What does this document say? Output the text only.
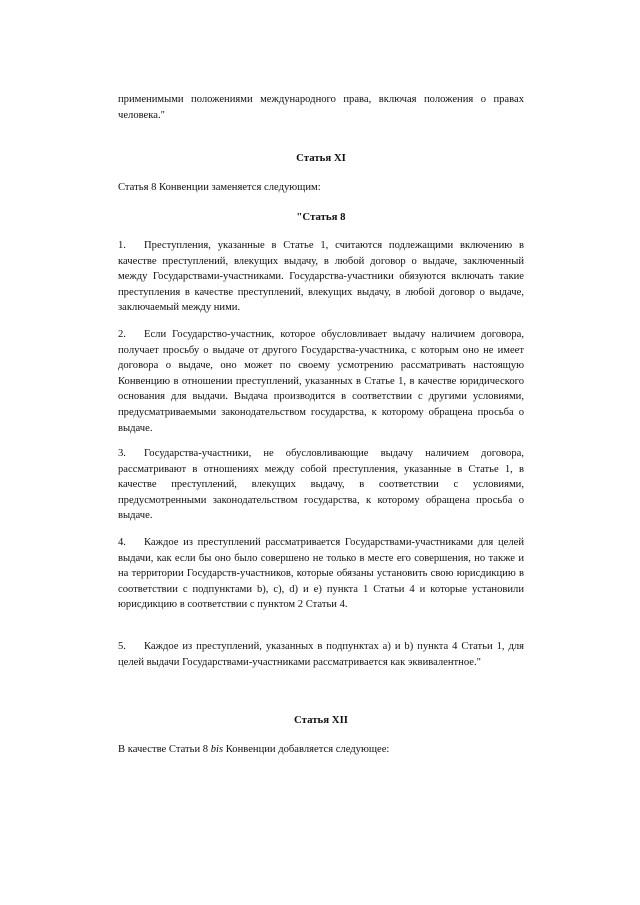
применимыми положениями международного права, включая положения о правах человека."

Статья XI

Статья 8 Конвенции заменяется следующим:

"Статья 8

1. Преступления, указанные в Статье 1, считаются подлежащими включению в качестве преступлений, влекущих выдачу, в любой договор о выдаче, заключенный между Государствами-участниками. Государства-участники обязуются включать такие преступления в качестве преступлений, влекущих выдачу, в любой договор о выдаче, заключаемый между ними.

2. Если Государство-участник, которое обусловливает выдачу наличием договора, получает просьбу о выдаче от другого Государства-участника, с которым оно не имеет договора о выдаче, оно может по своему усмотрению рассматривать настоящую Конвенцию в отношении преступлений, указанных в Статье 1, в качестве юридического основания для выдачи. Выдача производится в соответствии с другими условиями, предусматриваемыми законодательством государства, к которому обращена просьба о выдаче.

3. Государства-участники, не обусловливающие выдачу наличием договора, рассматривают в отношениях между собой преступления, указанные в Статье 1, в качестве преступлений, влекущих выдачу, в соответствии с условиями, предусмотренными законодательством государства, к которому обращена просьба о выдаче.

4. Каждое из преступлений рассматривается Государствами-участниками для целей выдачи, как если бы оно было совершено не только в месте его совершения, но также и на территории Государств-участников, которые обязаны установить свою юрисдикцию в соответствии с подпунктами b), c), d) и e) пункта 1 Статьи 4 и которые установили юрисдикцию в соответствии с пунктом 2 Статьи 4.

5. Каждое из преступлений, указанных в подпунктах а) и b) пункта 4 Статьи 1, для целей выдачи Государствами-участниками рассматривается как эквивалентное."

Статья XII

В качестве Статьи 8 bis Конвенции добавляется следующее:
